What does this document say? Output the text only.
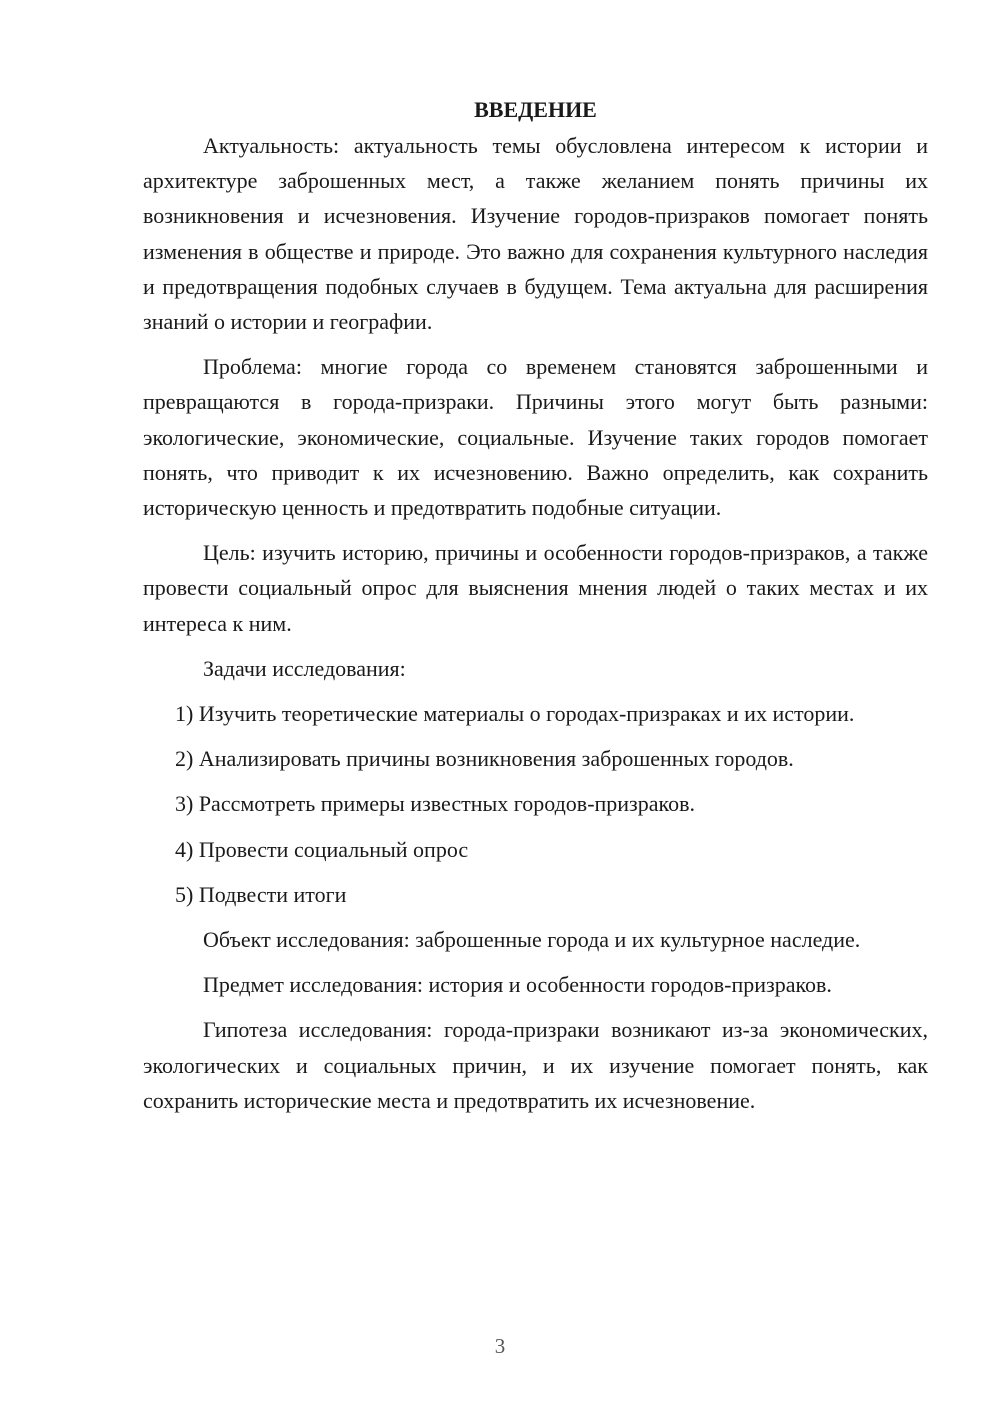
ВВЕДЕНИЕ

Актуальность: актуальность темы обусловлена интересом к истории и архитектуре заброшенных мест, а также желанием понять причины их возникновения и исчезновения. Изучение городов-призраков помогает понять изменения в обществе и природе. Это важно для сохранения культурного наследия и предотвращения подобных случаев в будущем. Тема актуальна для расширения знаний о истории и географии.

Проблема: многие города со временем становятся заброшенными и превращаются в города-призраки. Причины этого могут быть разными: экологические, экономические, социальные. Изучение таких городов помогает понять, что приводит к их исчезновению. Важно определить, как сохранить историческую ценность и предотвратить подобные ситуации.

Цель: изучить историю, причины и особенности городов-призраков, а также провести социальный опрос для выяснения мнения людей о таких местах и их интереса к ним.

Задачи исследования:

1) Изучить теоретические материалы о городах-призраках и их истории.

2) Анализировать причины возникновения заброшенных городов.

3) Рассмотреть примеры известных городов-призраков.

4) Провести социальный опрос

5) Подвести итоги

Объект исследования: заброшенные города и их культурное наследие.

Предмет исследования: история и особенности городов-призраков.

Гипотеза исследования: города-призраки возникают из-за экономических, экологических и социальных причин, и их изучение помогает понять, как сохранить исторические места и предотвратить их исчезновение.

3
